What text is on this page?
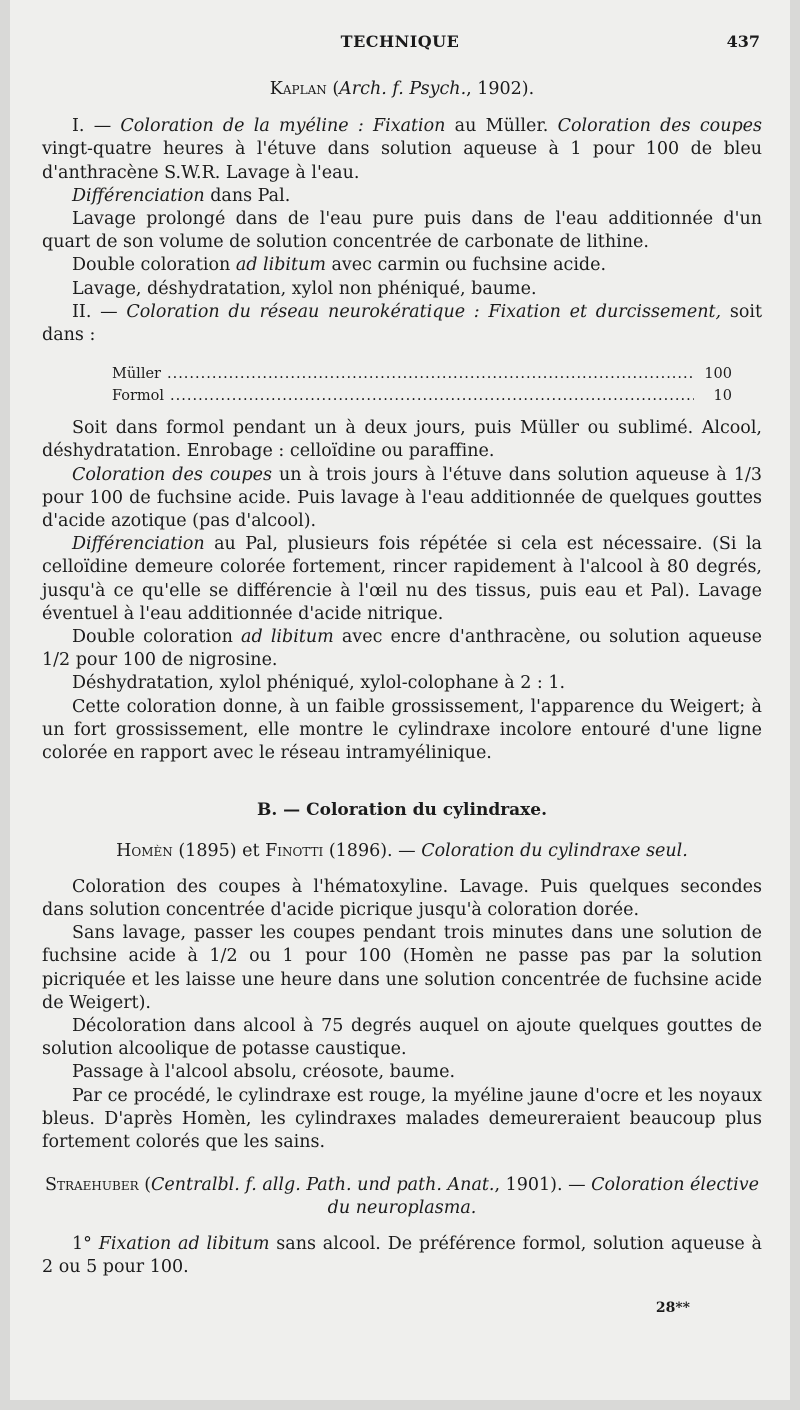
TECHNIQUE	437

Kaplan (Arch. f. Psych., 1902).

I. — Coloration de la myéline : Fixation au Müller. Coloration des coupes vingt-quatre heures à l'étuve dans solution aqueuse à 1 pour 100 de bleu d'anthracène S.W.R. Lavage à l'eau.

Différenciation dans Pal.

Lavage prolongé dans de l'eau pure puis dans de l'eau additionnée d'un quart de son volume de solution concentrée de carbonate de lithine.

Double coloration ad libitum avec carmin ou fuchsine acide.

Lavage, déshydratation, xylol non phéniqué, baume.

II. — Coloration du réseau neurokératique : Fixation et durcissement, soit dans :

Müller .....	100
Formol .....	10

Soit dans formol pendant un à deux jours, puis Müller ou sublimé. Alcool, déshydratation. Enrobage : celloïdine ou paraffine.

Coloration des coupes un à trois jours à l'étuve dans solution aqueuse à 1/3 pour 100 de fuchsine acide. Puis lavage à l'eau additionnée de quelques gouttes d'acide azotique (pas d'alcool).

Différenciation au Pal, plusieurs fois répétée si cela est nécessaire. (Si la celloïdine demeure colorée fortement, rincer rapidement à l'alcool à 80 degrés, jusqu'à ce qu'elle se différencie à l'œil nu des tissus, puis eau et Pal). Lavage éventuel à l'eau additionnée d'acide nitrique.

Double coloration ad libitum avec encre d'anthracène, ou solution aqueuse 1/2 pour 100 de nigrosine.

Déshydratation, xylol phéniqué, xylol-colophane à 2 : 1.

Cette coloration donne, à un faible grossissement, l'apparence du Weigert; à un fort grossissement, elle montre le cylindraxe incolore entouré d'une ligne colorée en rapport avec le réseau intramyélinique.

B. — Coloration du cylindraxe.

Homèn (1895) et Finotti (1896). — Coloration du cylindraxe seul.

Coloration des coupes à l'hématoxyline. Lavage. Puis quelques secondes dans solution concentrée d'acide picrique jusqu'à coloration dorée.

Sans lavage, passer les coupes pendant trois minutes dans une solution de fuchsine acide à 1/2 ou 1 pour 100 (Homèn ne passe pas par la solution picriquée et les laisse une heure dans une solution concentrée de fuchsine acide de Weigert).

Décoloration dans alcool à 75 degrés auquel on ajoute quelques gouttes de solution alcoolique de potasse caustique.

Passage à l'alcool absolu, créosote, baume.

Par ce procédé, le cylindraxe est rouge, la myéline jaune d'ocre et les noyaux bleus. D'après Homèn, les cylindraxes malades demeureraient beaucoup plus fortement colorés que les sains.

Straehuber (Centralbl. f. allg. Path. und path. Anat., 1901). — Coloration élective du neuroplasma.

1° Fixation ad libitum sans alcool. De préférence formol, solution aqueuse à 2 ou 5 pour 100.

28**
